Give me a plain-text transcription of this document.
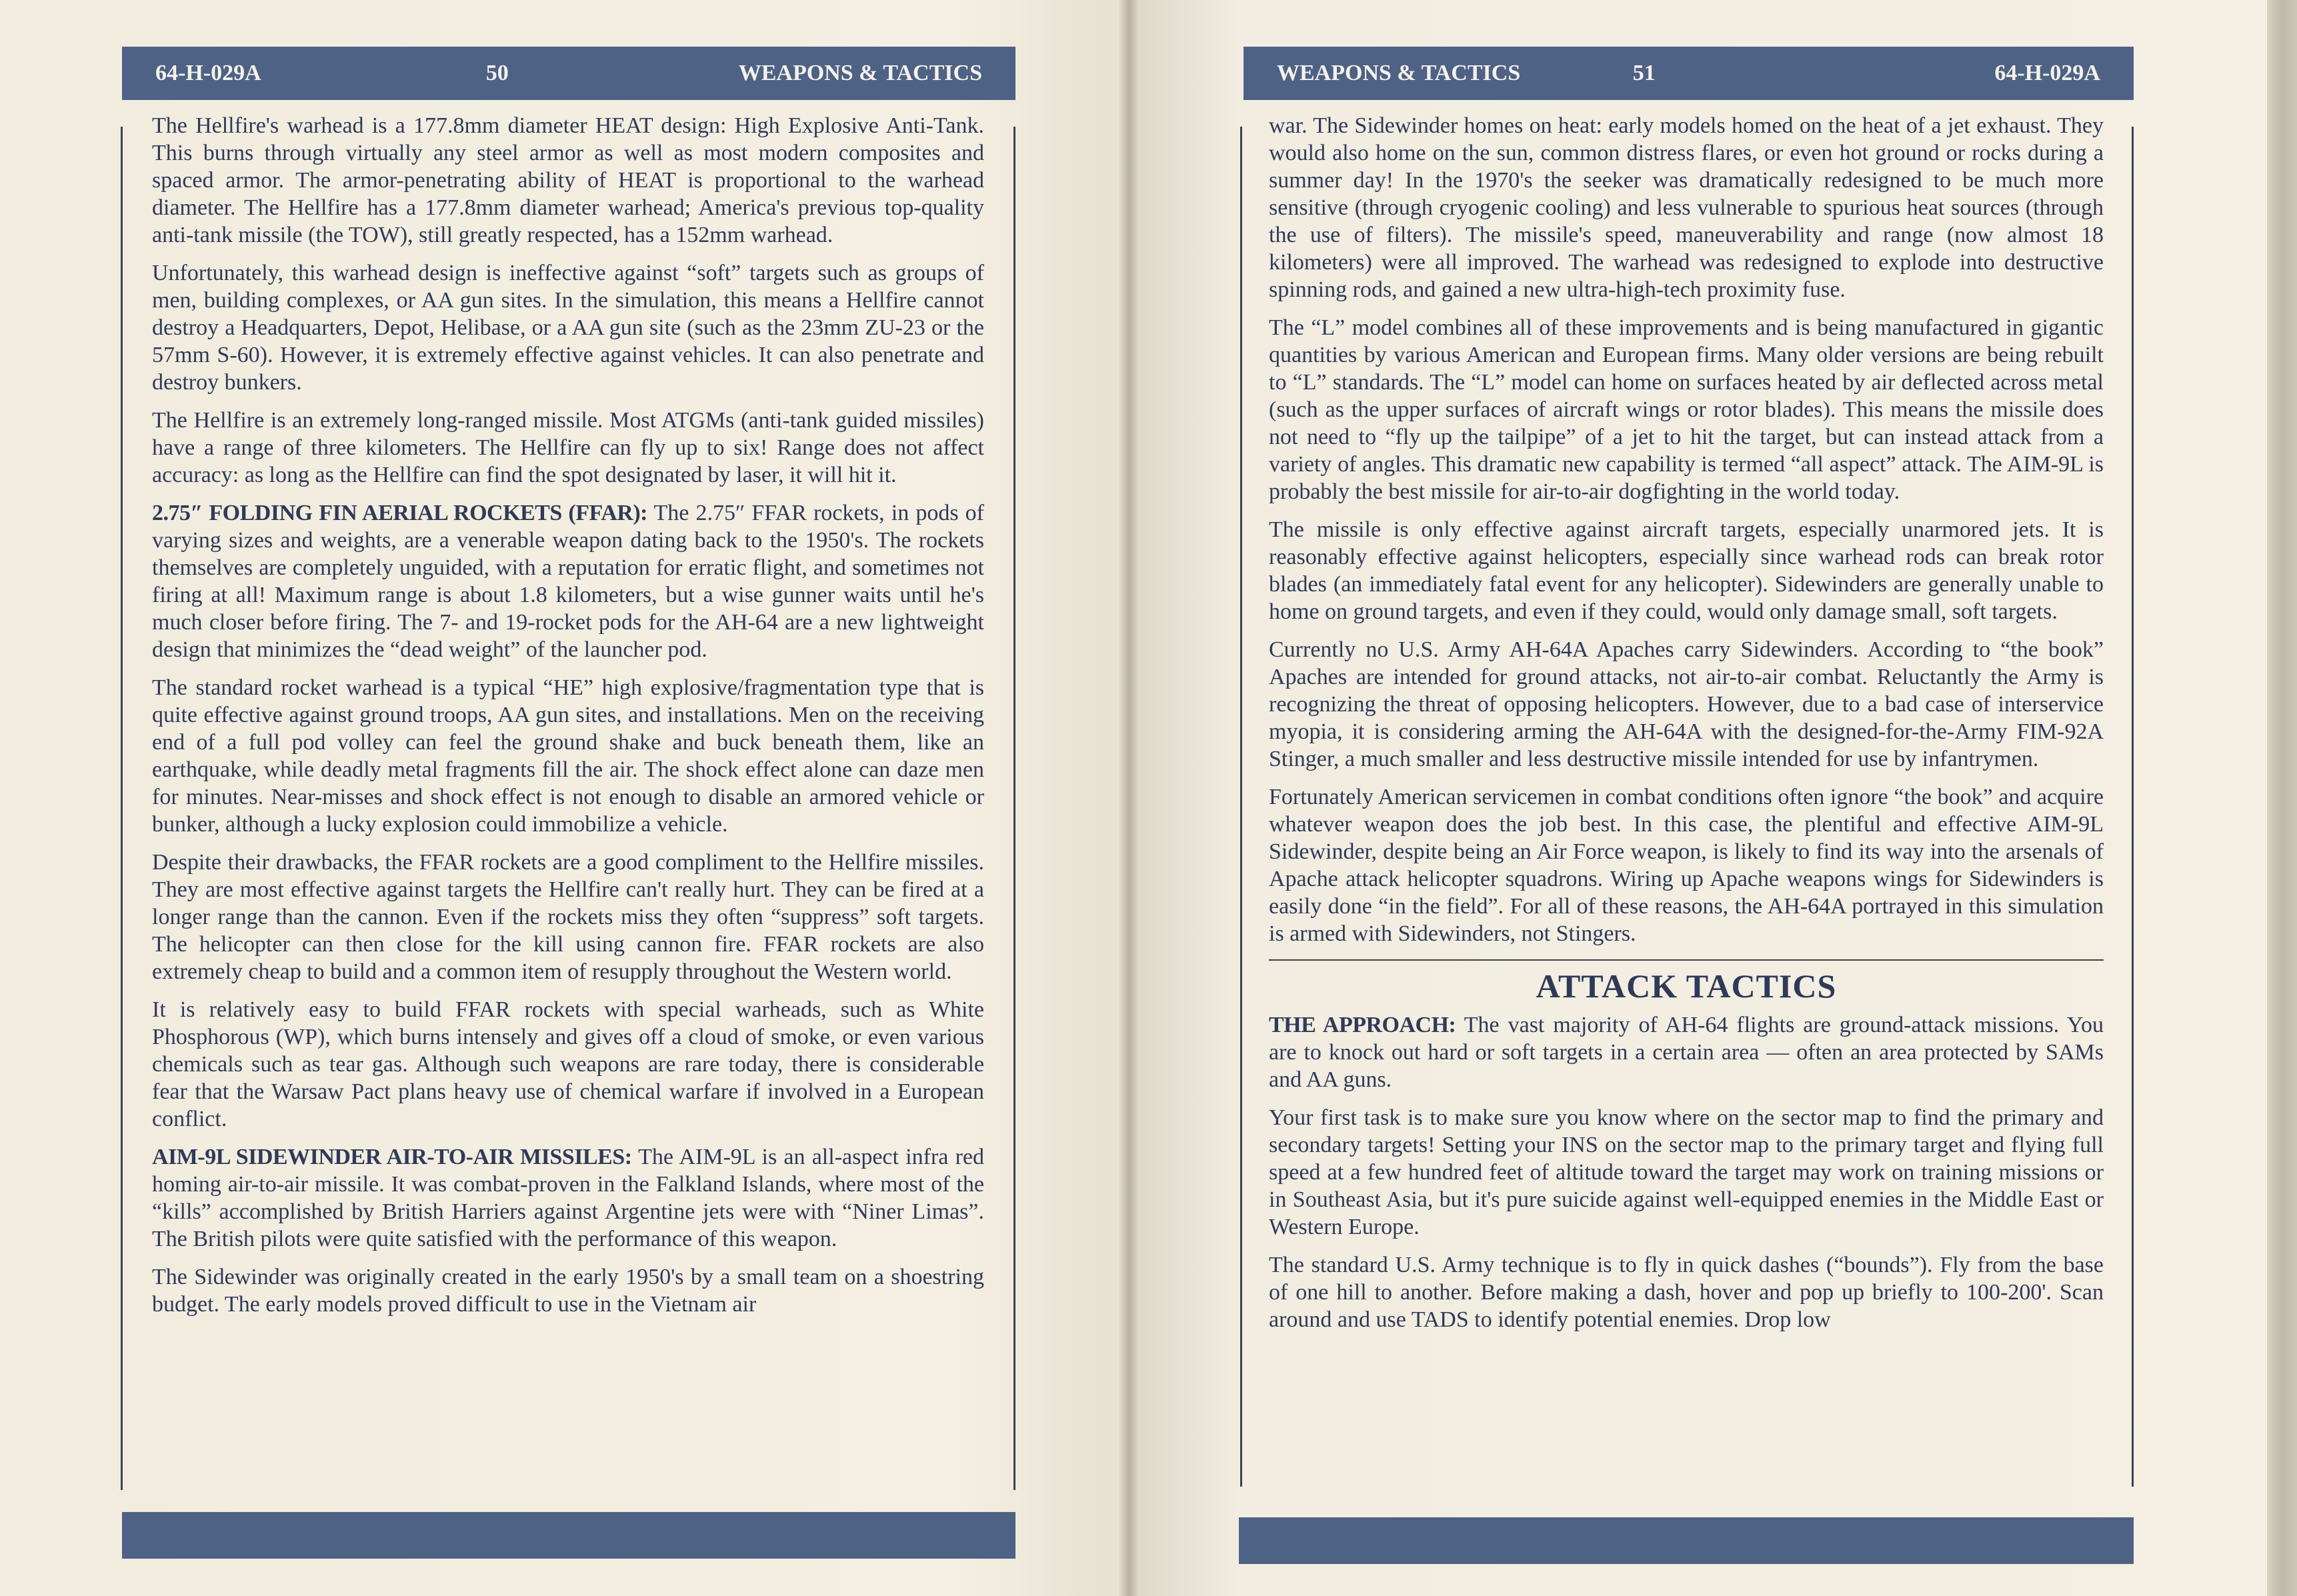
64-H-029A	50	WEAPONS & TACTICS	WEAPONS & TACTICS	51	64-H-029A

The Hellfire's warhead is a 177.8mm diameter HEAT design: High Explosive Anti-Tank. This burns through virtually any steel armor as well as most modern composites and spaced armor. The armor-penetrating ability of HEAT is proportional to the warhead diameter. The Hellfire has a 177.8mm diameter warhead; America's previous top-quality anti-tank missile (the TOW), still greatly respected, has a 152mm warhead.

Unfortunately, this warhead design is ineffective against “soft” targets such as groups of men, building complexes, or AA gun sites. In the simulation, this means a Hellfire cannot destroy a Headquarters, Depot, Helibase, or a AA gun site (such as the 23mm ZU-23 or the 57mm S-60). However, it is extremely effective against vehicles. It can also penetrate and destroy bunkers.

The Hellfire is an extremely long-ranged missile. Most ATGMs (anti-tank guided missiles) have a range of three kilometers. The Hellfire can fly up to six! Range does not affect accuracy: as long as the Hellfire can find the spot designated by laser, it will hit it.

2.75″ FOLDING FIN AERIAL ROCKETS (FFAR): The 2.75″ FFAR rockets, in pods of varying sizes and weights, are a venerable weapon dating back to the 1950's. The rockets themselves are completely unguided, with a reputation for erratic flight, and sometimes not firing at all! Maximum range is about 1.8 kilometers, but a wise gunner waits until he's much closer before firing. The 7- and 19-rocket pods for the AH-64 are a new lightweight design that minimizes the “dead weight” of the launcher pod.

The standard rocket warhead is a typical “HE” high explosive/fragmentation type that is quite effective against ground troops, AA gun sites, and installations. Men on the receiving end of a full pod volley can feel the ground shake and buck beneath them, like an earthquake, while deadly metal fragments fill the air. The shock effect alone can daze men for minutes. Near-misses and shock effect is not enough to disable an armored vehicle or bunker, although a lucky explosion could immobilize a vehicle.

Despite their drawbacks, the FFAR rockets are a good compliment to the Hellfire missiles. They are most effective against targets the Hellfire can't really hurt. They can be fired at a longer range than the cannon. Even if the rockets miss they often “suppress” soft targets. The helicopter can then close for the kill using cannon fire. FFAR rockets are also extremely cheap to build and a common item of resupply throughout the Western world.

It is relatively easy to build FFAR rockets with special warheads, such as White Phosphorous (WP), which burns intensely and gives off a cloud of smoke, or even various chemicals such as tear gas. Although such weapons are rare today, there is considerable fear that the Warsaw Pact plans heavy use of chemical warfare if involved in a European conflict.

AIM-9L SIDEWINDER AIR-TO-AIR MISSILES: The AIM-9L is an all-aspect infra red homing air-to-air missile. It was combat-proven in the Falkland Islands, where most of the “kills” accomplished by British Harriers against Argentine jets were with “Niner Limas”. The British pilots were quite satisfied with the performance of this weapon.

The Sidewinder was originally created in the early 1950's by a small team on a shoestring budget. The early models proved difficult to use in the Vietnam air

war. The Sidewinder homes on heat: early models homed on the heat of a jet exhaust. They would also home on the sun, common distress flares, or even hot ground or rocks during a summer day! In the 1970's the seeker was dramatically redesigned to be much more sensitive (through cryogenic cooling) and less vulnerable to spurious heat sources (through the use of filters). The missile's speed, maneuverability and range (now almost 18 kilometers) were all improved. The warhead was redesigned to explode into destructive spinning rods, and gained a new ultra-high-tech proximity fuse.

The “L” model combines all of these improvements and is being manufactured in gigantic quantities by various American and European firms. Many older versions are being rebuilt to “L” standards. The “L” model can home on surfaces heated by air deflected across metal (such as the upper surfaces of aircraft wings or rotor blades). This means the missile does not need to “fly up the tailpipe” of a jet to hit the target, but can instead attack from a variety of angles. This dramatic new capability is termed “all aspect” attack. The AIM-9L is probably the best missile for air-to-air dogfighting in the world today.

The missile is only effective against aircraft targets, especially unarmored jets. It is reasonably effective against helicopters, especially since warhead rods can break rotor blades (an immediately fatal event for any helicopter). Sidewinders are generally unable to home on ground targets, and even if they could, would only damage small, soft targets.

Currently no U.S. Army AH-64A Apaches carry Sidewinders. According to “the book” Apaches are intended for ground attacks, not air-to-air combat. Reluctantly the Army is recognizing the threat of opposing helicopters. However, due to a bad case of interservice myopia, it is considering arming the AH-64A with the designed-for-the-Army FIM-92A Stinger, a much smaller and less destructive missile intended for use by infantrymen.

Fortunately American servicemen in combat conditions often ignore “the book” and acquire whatever weapon does the job best. In this case, the plentiful and effective AIM-9L Sidewinder, despite being an Air Force weapon, is likely to find its way into the arsenals of Apache attack helicopter squadrons. Wiring up Apache weapons wings for Sidewinders is easily done “in the field”. For all of these reasons, the AH-64A portrayed in this simulation is armed with Sidewinders, not Stingers.

ATTACK TACTICS

THE APPROACH: The vast majority of AH-64 flights are ground-attack missions. You are to knock out hard or soft targets in a certain area — often an area protected by SAMs and AA guns.

Your first task is to make sure you know where on the sector map to find the primary and secondary targets! Setting your INS on the sector map to the primary target and flying full speed at a few hundred feet of altitude toward the target may work on training missions or in Southeast Asia, but it's pure suicide against well-equipped enemies in the Middle East or Western Europe.

The standard U.S. Army technique is to fly in quick dashes (“bounds”). Fly from the base of one hill to another. Before making a dash, hover and pop up briefly to 100-200'. Scan around and use TADS to identify potential enemies. Drop low
